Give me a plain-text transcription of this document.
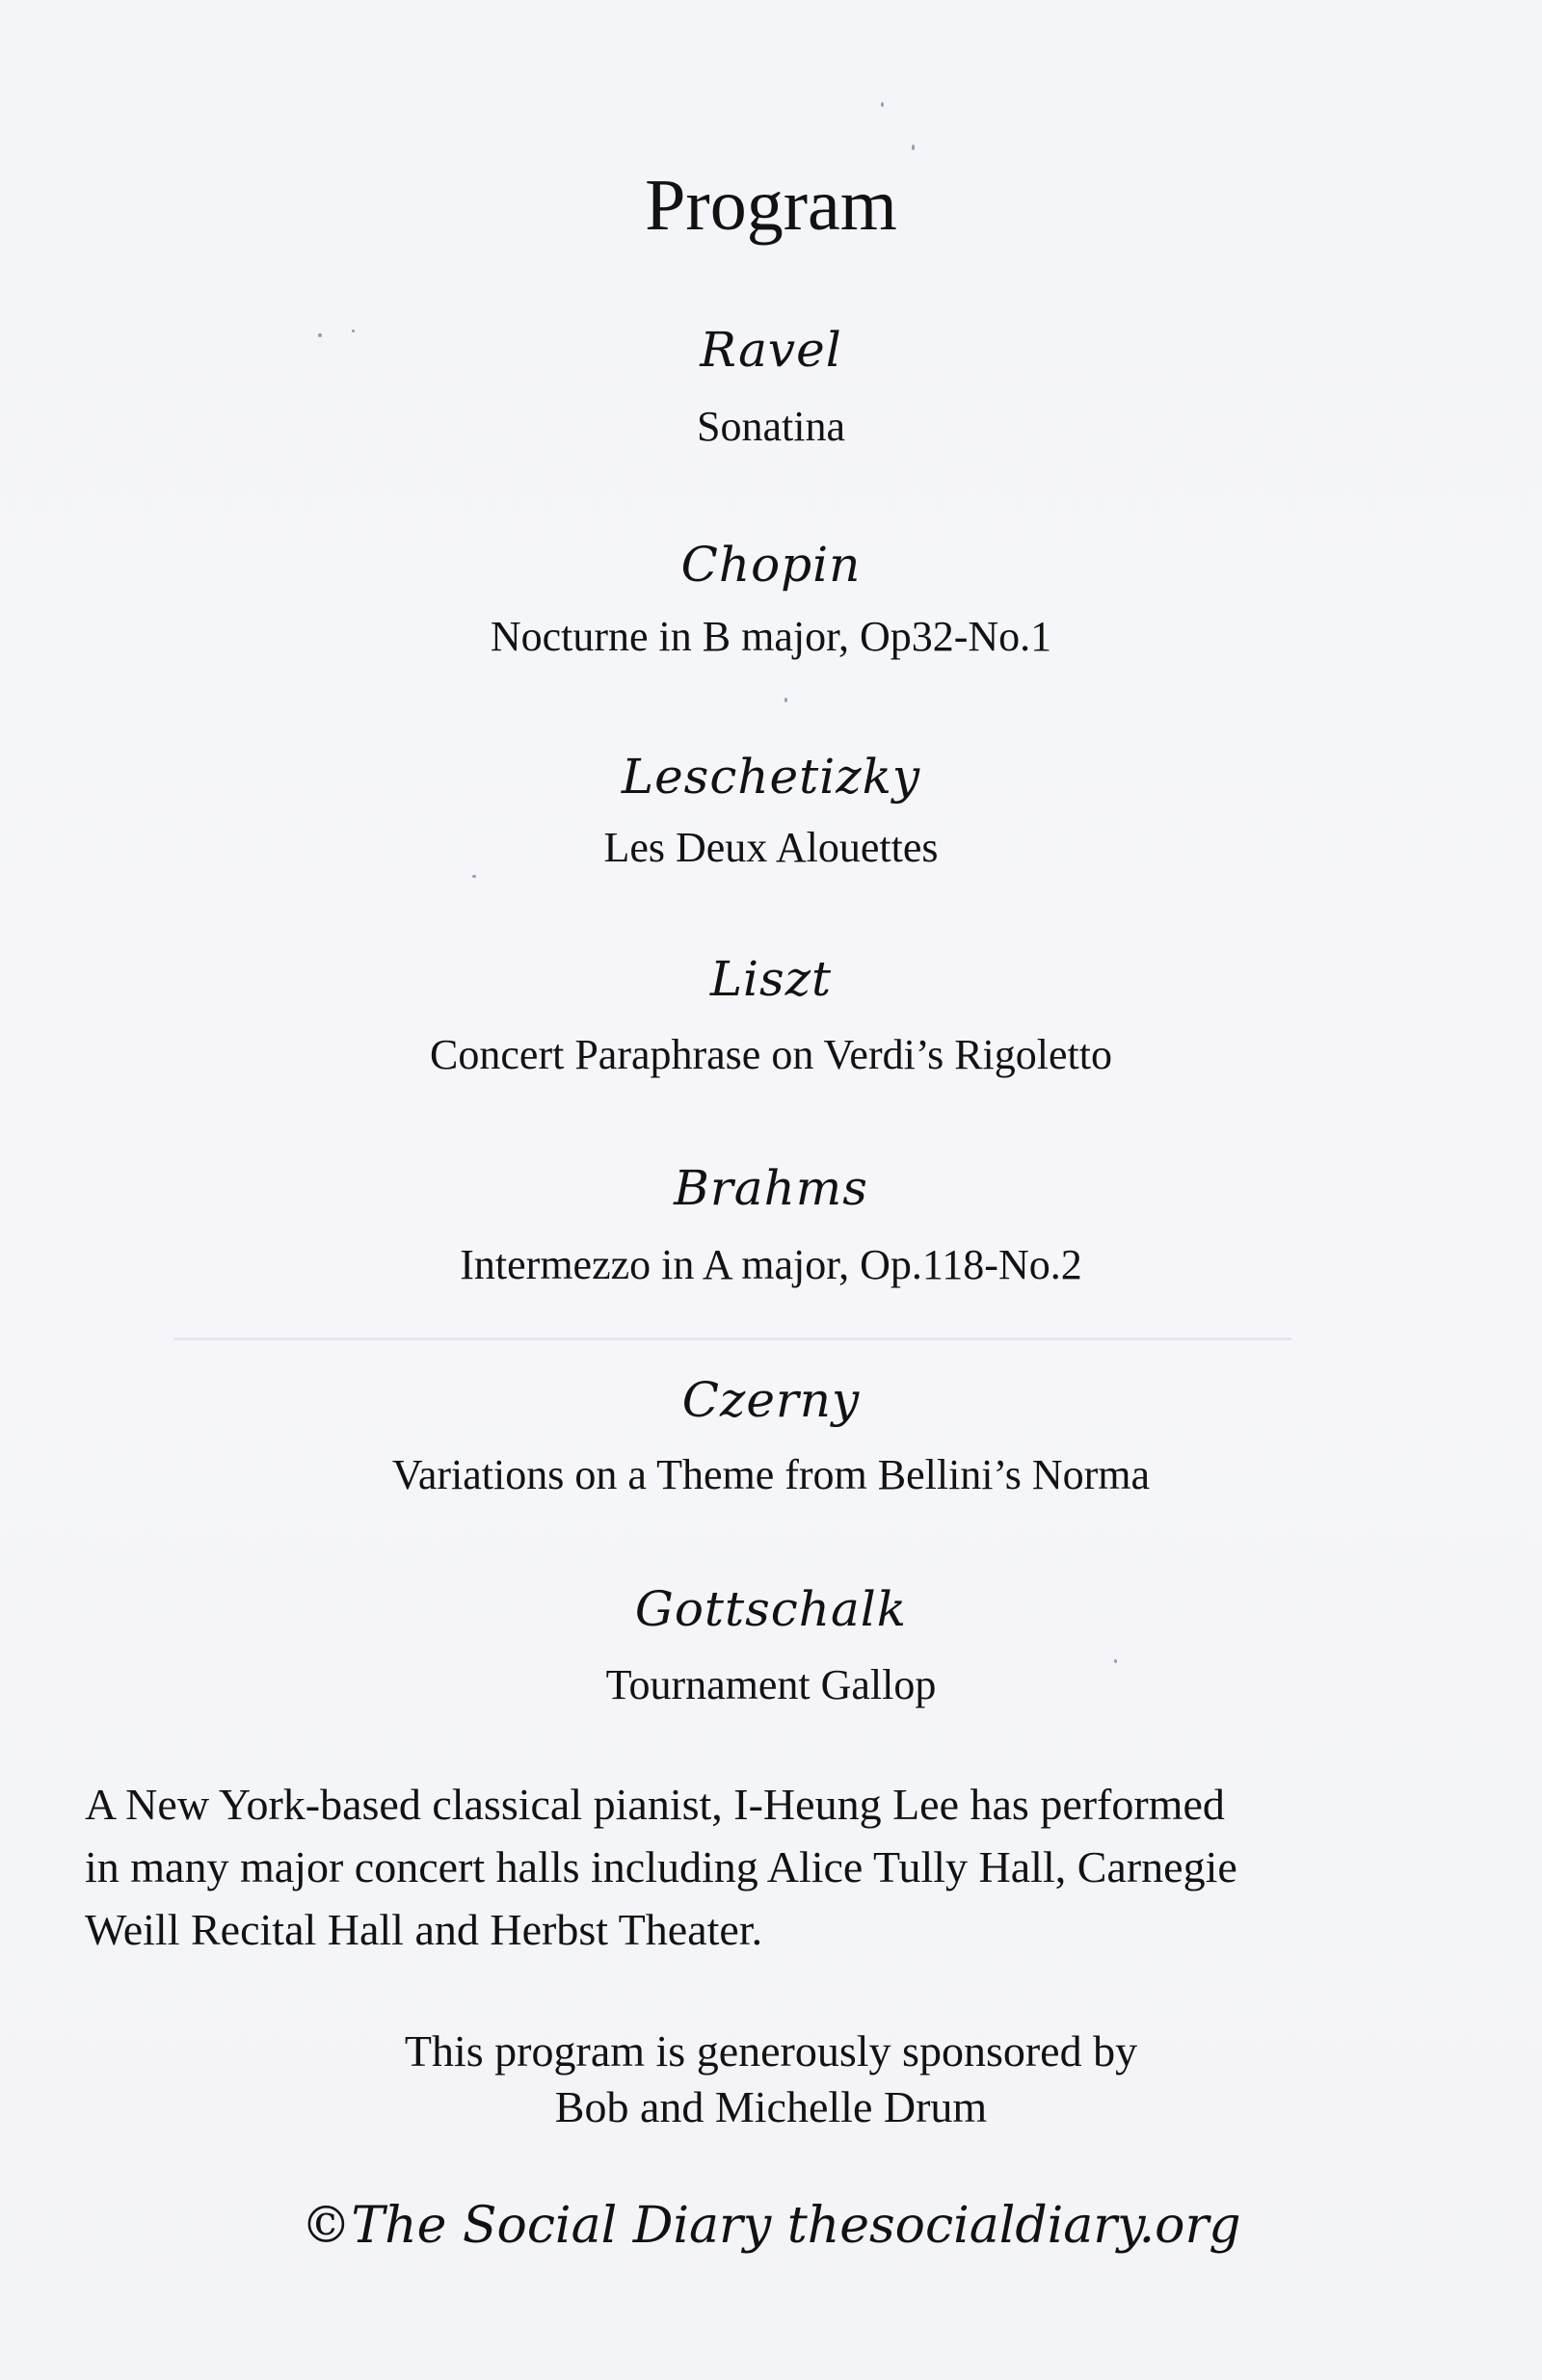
Program
Ravel
Sonatina
Chopin
Nocturne in B major, Op32-No.1
Leschetizky
Les Deux Alouettes
Liszt
Concert Paraphrase on Verdi’s Rigoletto
Brahms
Intermezzo in A major, Op.118-No.2
Czerny
Variations on a Theme from Bellini’s Norma
Gottschalk
Tournament Gallop
A New York-based classical pianist, I-Heung Lee has performed
in many major concert halls including Alice Tully Hall, Carnegie
Weill Recital Hall and Herbst Theater.
This program is generously sponsored by
Bob and Michelle Drum
©The Social Diary thesocialdiary.org
